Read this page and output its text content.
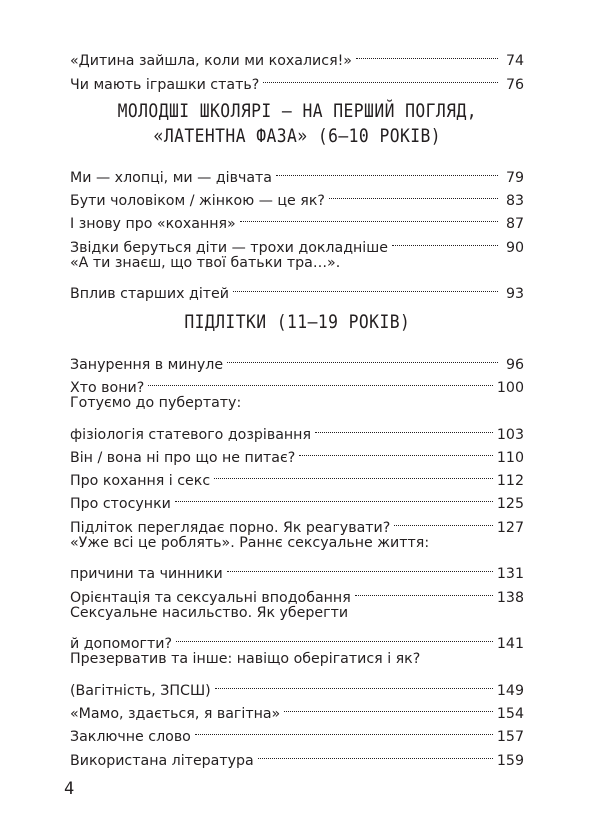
«Дитина зайшла, коли ми кохалися!»	74
Чи мають іграшки стать?	76
МОЛОДШІ ШКОЛЯРІ — НА ПЕРШИЙ ПОГЛЯД,
«ЛАТЕНТНА ФАЗА» (6—10 РОКІВ)
Ми — хлопці, ми — дівчата	79
Бути чоловіком / жінкою — це як?	83
І знову про «кохання»	87
Звідки беруться діти — трохи докладніше	90
«А ти знаєш, що твої батьки тра…».
Вплив старших дітей	93
ПІДЛІТКИ (11—19 РОКІВ)
Занурення в минуле	96
Хто вони?	100
Готуємо до пубертату:
фізіологія статевого дозрівання	103
Він / вона ні про що не питає?	110
Про кохання і секс	112
Про стосунки	125
Підліток переглядає порно. Як реагувати?	127
«Уже всі це роблять». Раннє сексуальне життя:
причини та чинники	131
Орієнтація та сексуальні вподобання	138
Сексуальне насильство. Як уберегти
й допомогти?	141
Презерватив та інше: навіщо оберігатися і як?
(Вагітність, ЗПСШ)	149
«Мамо, здається, я вагітна»	154
Заключне слово	157
Використана література	159
4
